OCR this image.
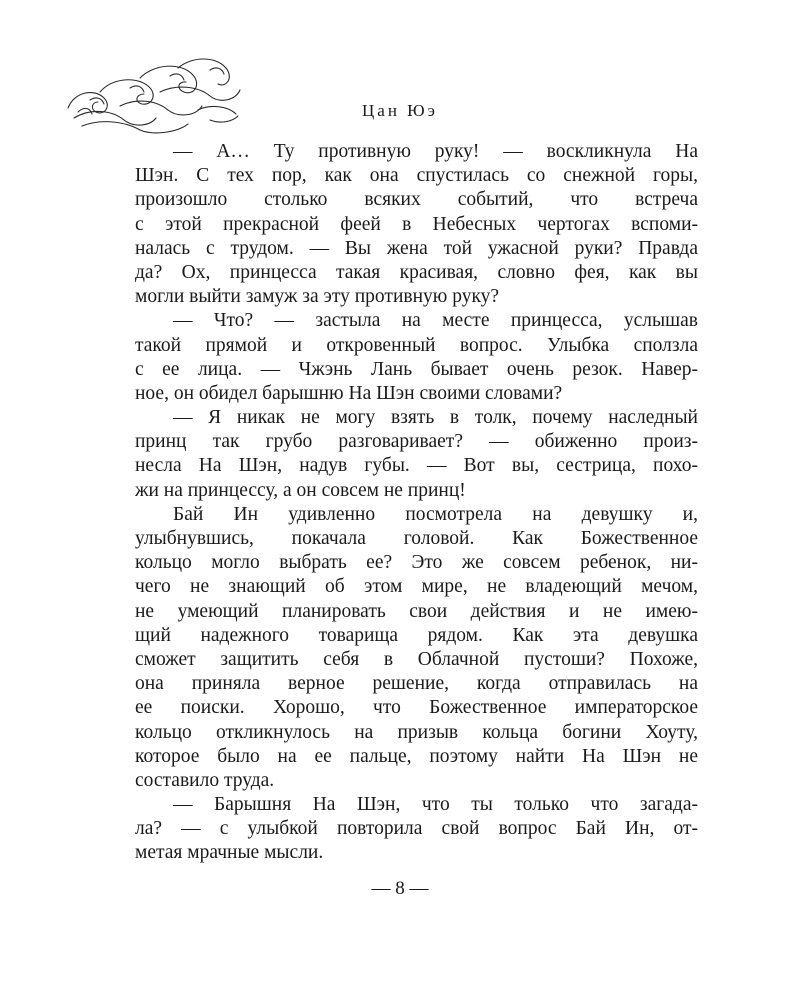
Цан Юэ
— А… Ту противную руку! — воскликнула На
Шэн. С тех пор, как она спустилась со снежной горы,
произошло столько всяких событий, что встреча
с этой прекрасной феей в Небесных чертогах вспоми-
налась с трудом. — Вы жена той ужасной руки? Правда
да? Ох, принцесса такая красивая, словно фея, как вы
могли выйти замуж за эту противную руку?
— Что? — застыла на месте принцесса, услышав
такой прямой и откровенный вопрос. Улыбка сползла
с ее лица. — Чжэнь Лань бывает очень резок. Навер-
ное, он обидел барышню На Шэн своими словами?
— Я никак не могу взять в толк, почему наследный
принц так грубо разговаривает? — обиженно произ-
несла На Шэн, надув губы. — Вот вы, сестрица, похо-
жи на принцессу, а он совсем не принц!
Бай Ин удивленно посмотрела на девушку и,
улыбнувшись, покачала головой. Как Божественное
кольцо могло выбрать ее? Это же совсем ребенок, ни-
чего не знающий об этом мире, не владеющий мечом,
не умеющий планировать свои действия и не имею-
щий надежного товарища рядом. Как эта девушка
сможет защитить себя в Облачной пустоши? Похоже,
она приняла верное решение, когда отправилась на
ее поиски. Хорошо, что Божественное императорское
кольцо откликнулось на призыв кольца богини Хоуту,
которое было на ее пальце, поэтому найти На Шэн не
составило труда.
— Барышня На Шэн, что ты только что загада-
ла? — с улыбкой повторила свой вопрос Бай Ин, от-
метая мрачные мысли.
— 8 —
